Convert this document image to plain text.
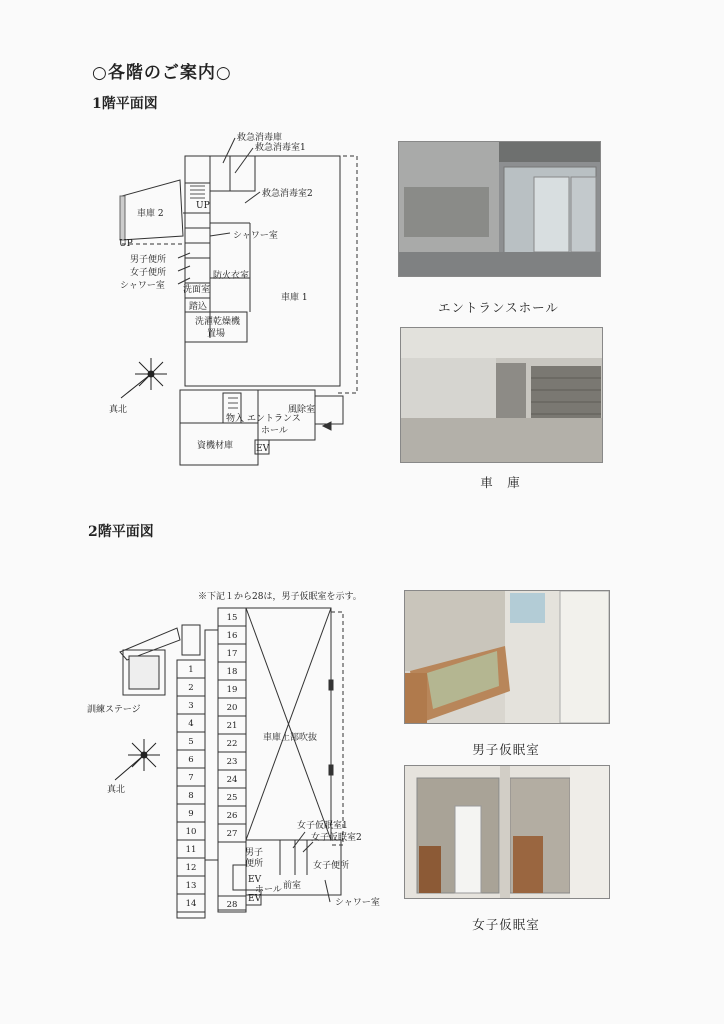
○各階のご案内○
1階平面図
救急消毒庫
救急消毒室1
救急消毒室2
車庫 2
UP
UP
シャワー室
男子便所
女子便所	防火衣室
シャワー室 洗面室
車庫 1
踏込
洗濯乾燥機
置場
真北
物入 エントランス
ホール
風除室
資機材庫	EV
エントランスホール
車　庫
2階平面図
※下記１から28は，男子仮眠室を示す。
1
2
3
4
5
6
7
8
9
10
11
12
13
14
15
16
17
18
19
20
21
22
23
24
25
26
27
28
訓練ステージ
真北
車庫上部吹抜
女子仮眠室1
女子仮眠室2
男子
便所	女子便所
EV
EV
ホール 前室
シャワー室
男子仮眠室
女子仮眠室
